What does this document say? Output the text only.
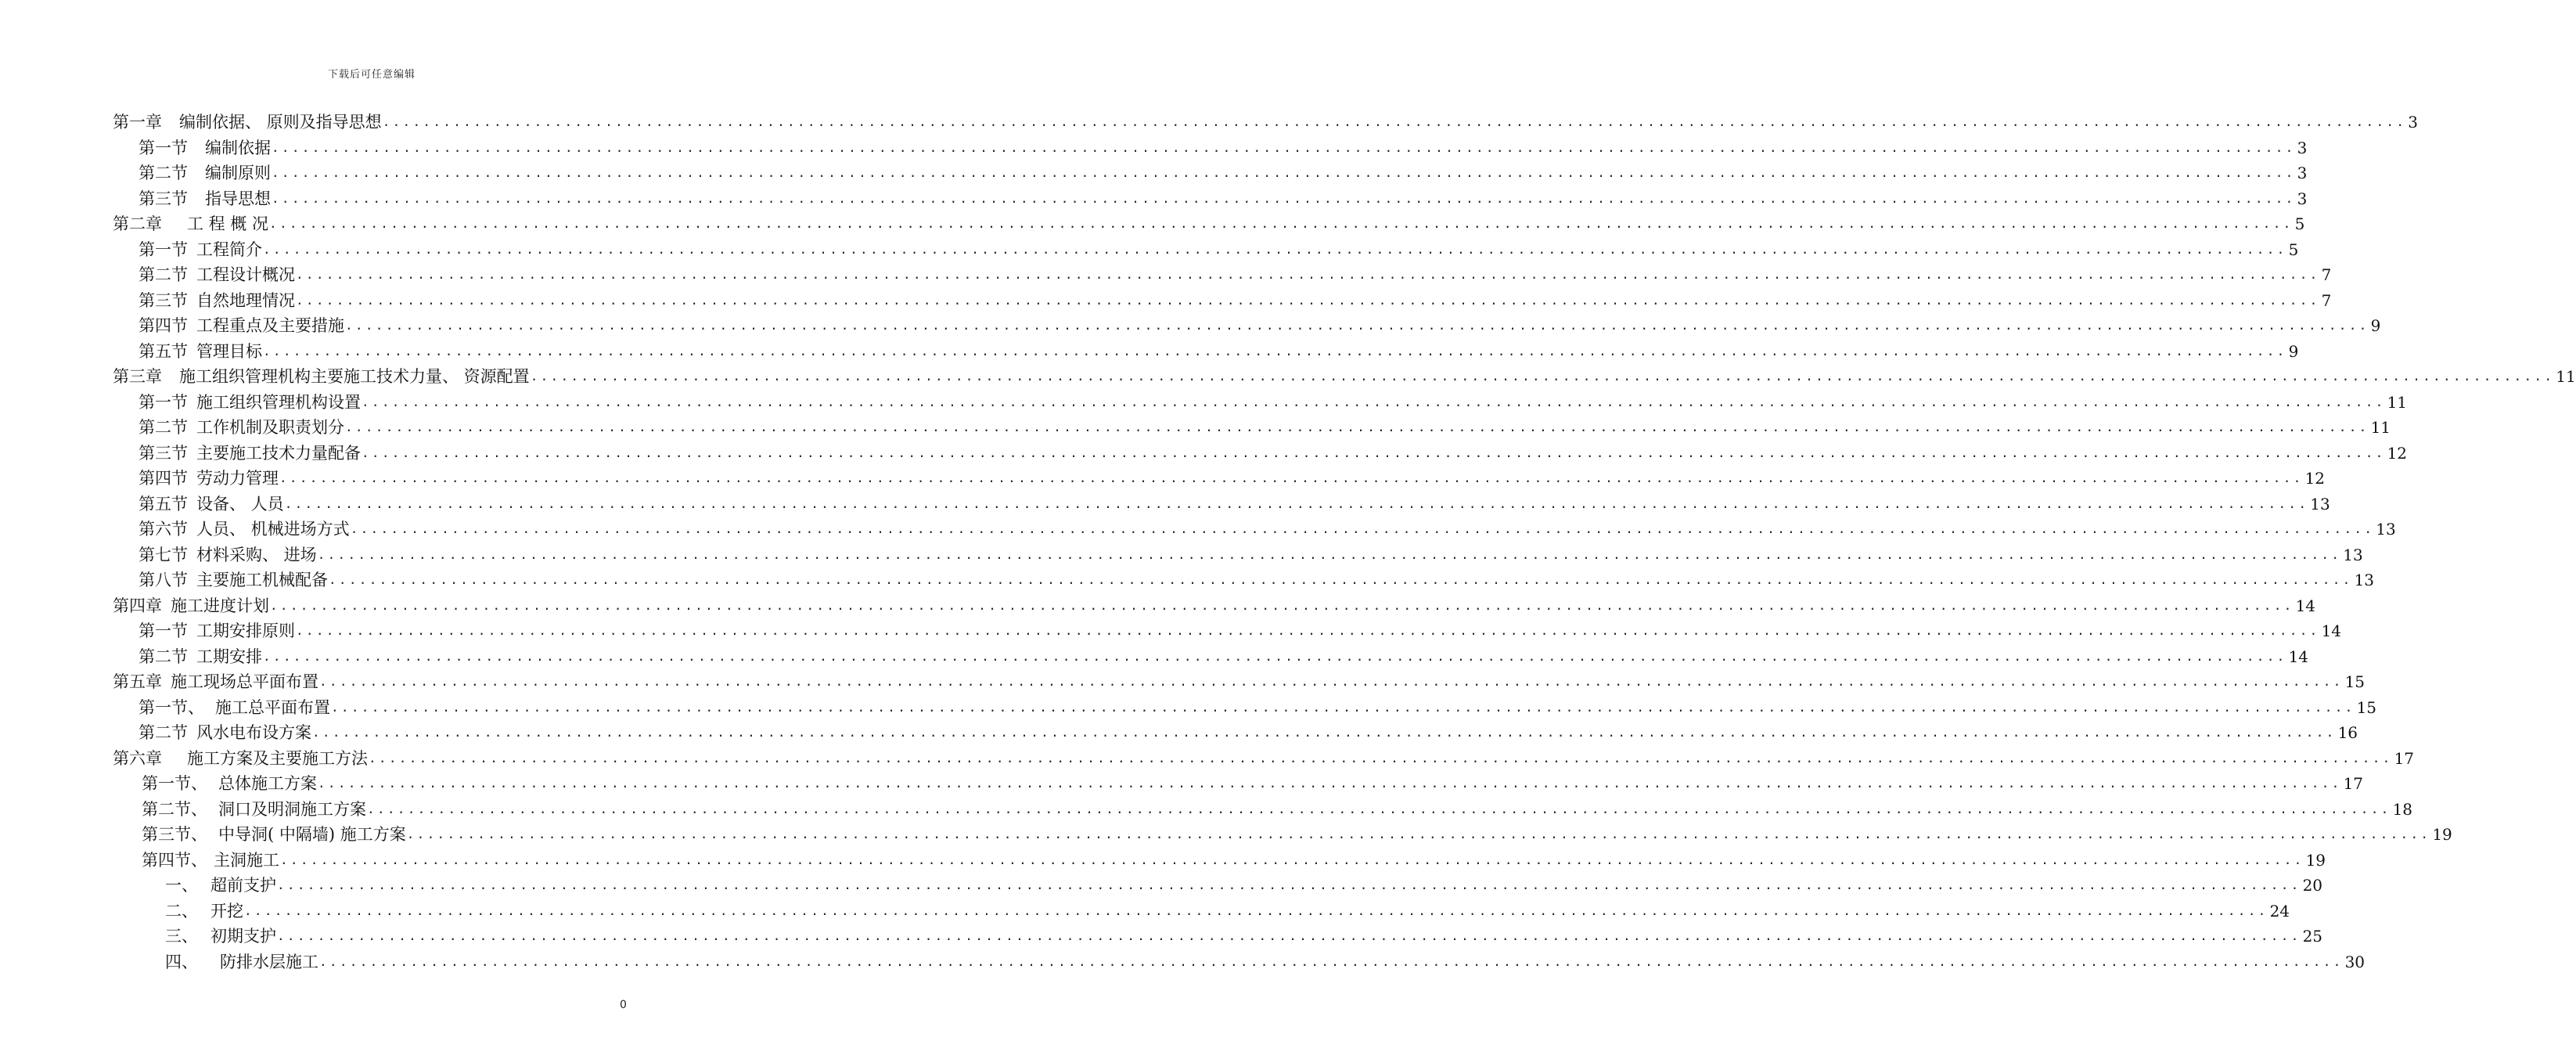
下载后可任意编辑
第一章 编制依据、 原则及指导思想 ........................................................................................................................................................................................................ 3
第一节 编制依据 ........................................................................................................................................................................................................ 3
第二节 编制原则 ........................................................................................................................................................................................................ 3
第三节 指导思想 ........................................................................................................................................................................................................ 3
第二章 工 程 概 况 ........................................................................................................................................................................................................ 5
第一节 工程简介 ........................................................................................................................................................................................................ 5
第二节 工程设计概况 ........................................................................................................................................................................................................ 7
第三节 自然地理情况 ........................................................................................................................................................................................................ 7
第四节 工程重点及主要措施 ........................................................................................................................................................................................................ 9
第五节 管理目标 ........................................................................................................................................................................................................ 9
第三章 施工组织管理机构主要施工技术力量、 资源配置 ........................................................................................................................................................................................................ 11
第一节 施工组织管理机构设置 ........................................................................................................................................................................................................ 11
第二节 工作机制及职责划分 ........................................................................................................................................................................................................ 11
第三节 主要施工技术力量配备 ........................................................................................................................................................................................................ 12
第四节 劳动力管理 ........................................................................................................................................................................................................ 12
第五节 设备、 人员 ........................................................................................................................................................................................................ 13
第六节 人员、 机械进场方式 ........................................................................................................................................................................................................ 13
第七节 材料采购、 进场 ........................................................................................................................................................................................................ 13
第八节 主要施工机械配备 ........................................................................................................................................................................................................ 13
第四章 施工进度计划 ........................................................................................................................................................................................................ 14
第一节 工期安排原则 ........................................................................................................................................................................................................ 14
第二节 工期安排 ........................................................................................................................................................................................................ 14
第五章 施工现场总平面布置 ........................................................................................................................................................................................................ 15
第一节、 施工总平面布置 ........................................................................................................................................................................................................ 15
第二节 风水电布设方案 ........................................................................................................................................................................................................ 16
第六章 施工方案及主要施工方法 ........................................................................................................................................................................................................ 17
第一节、 总体施工方案 ........................................................................................................................................................................................................ 17
第二节、 洞口及明洞施工方案 ........................................................................................................................................................................................................ 18
第三节、 中导洞( 中隔墙) 施工方案 ........................................................................................................................................................................................................ 19
第四节、 主洞施工 ........................................................................................................................................................................................................ 19
一、 超前支护 ........................................................................................................................................................................................................ 20
二、 开挖 ........................................................................................................................................................................................................ 24
三、 初期支护 ........................................................................................................................................................................................................ 25
四、 防排水层施工 ........................................................................................................................................................................................................ 30
0
